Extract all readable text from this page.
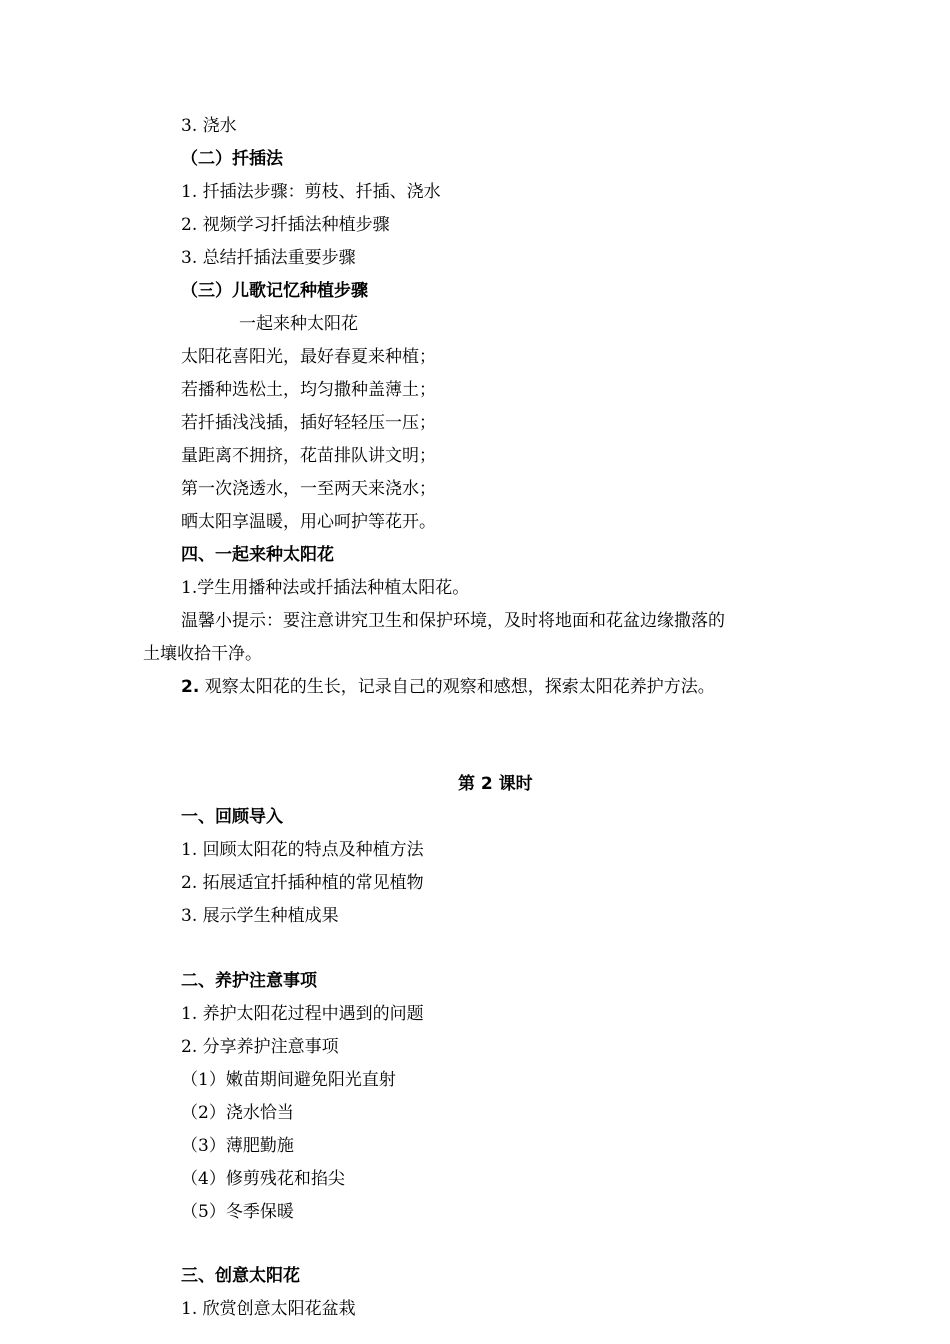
3. 浇水
（二）扦插法
1. 扦插法步骤：剪枝、扦插、浇水
2. 视频学习扦插法种植步骤
3. 总结扦插法重要步骤
（三）儿歌记忆种植步骤
一起来种太阳花
太阳花喜阳光，最好春夏来种植；
若播种选松土，均匀撒种盖薄土；
若扦插浅浅插，插好轻轻压一压；
量距离不拥挤，花苗排队讲文明；
第一次浇透水，一至两天来浇水；
晒太阳享温暖，用心呵护等花开。
四、一起来种太阳花
1.学生用播种法或扦插法种植太阳花。
温馨小提示：要注意讲究卫生和保护环境，及时将地面和花盆边缘撒落的
土壤收拾干净。
2. 观察太阳花的生长，记录自己的观察和感想，探索太阳花养护方法。
第 2 课时
一、回顾导入
1. 回顾太阳花的特点及种植方法
2. 拓展适宜扦插种植的常见植物
3. 展示学生种植成果
二、养护注意事项
1. 养护太阳花过程中遇到的问题
2. 分享养护注意事项
（1）嫩苗期间避免阳光直射
（2）浇水恰当
（3）薄肥勤施
（4）修剪残花和掐尖
（5）冬季保暖
三、创意太阳花
1. 欣赏创意太阳花盆栽
